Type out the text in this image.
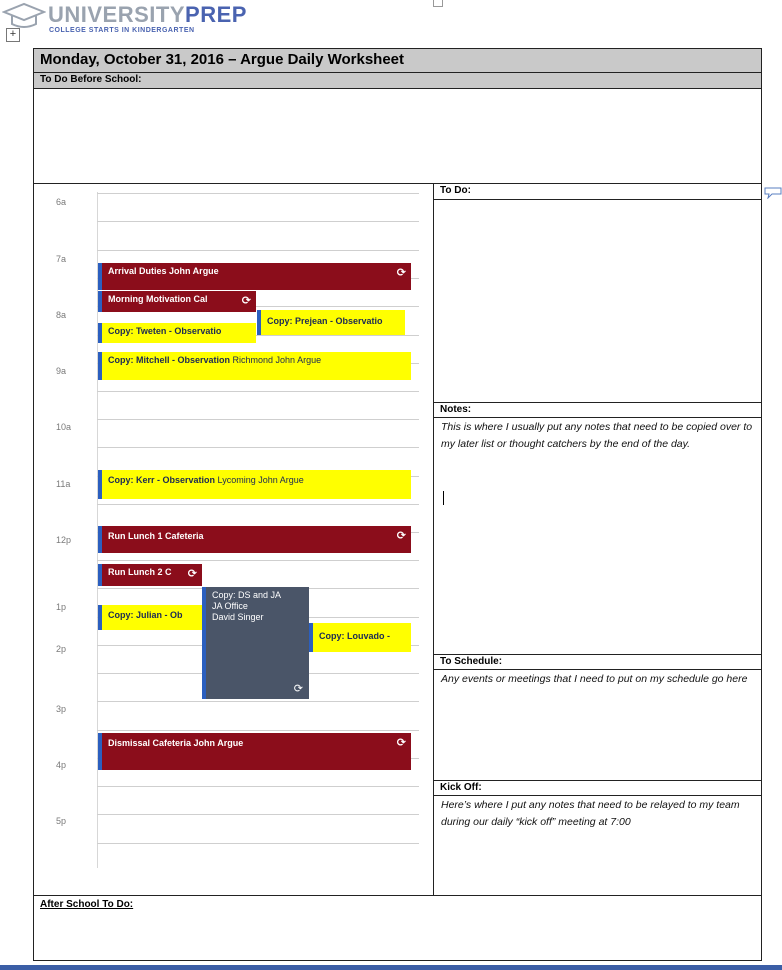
UNIVERSITYPREP
COLLEGE STARTS IN KINDERGARTEN
+
Monday, October 31, 2016 – Argue Daily Worksheet
To Do Before School:
6a
7a
8a
9a
10a
11a
12p
1p
2p
3p
4p
5p
Arrival Duties John Argue	⟳
Morning Motivation Cal	⟳
Copy: Prejean - Observatio
Copy: Tweten - Observatio
Copy: Mitchell - Observation Richmond John Argue
Copy: Kerr - Observation Lycoming John Argue
Run Lunch 1 Cafeteria	⟳
Run Lunch 2 C ⟳
Copy: Julian - Ob
Copy: DS and JA
JA Office
David Singer
⟳
Copy: Louvado -
Dismissal Cafeteria John Argue	⟳
To Do:
Notes:
This is where I usually put any notes that need to be copied over to my later list or thought catchers by the end of the day.
To Schedule:
Any events or meetings that I need to put on my schedule go here
Kick Off:
Here’s where I put any notes that need to be relayed to my team during our daily “kick off” meeting at 7:00
After School To Do:
